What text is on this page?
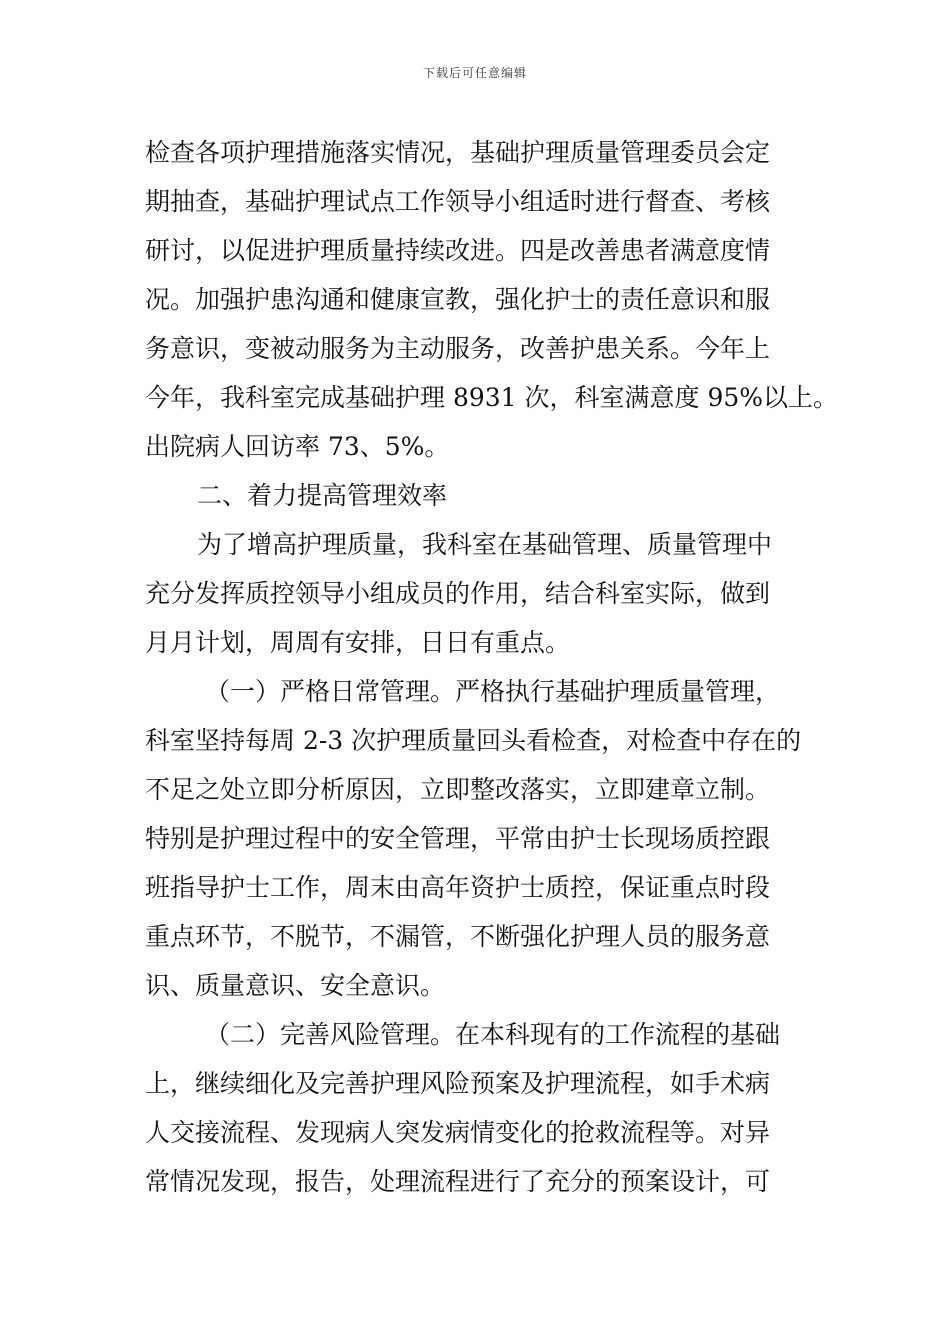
下载后可任意编辑
检查各项护理措施落实情况，基础护理质量管理委员会定
期抽查，基础护理试点工作领导小组适时进行督查、考核
研讨，以促进护理质量持续改进。四是改善患者满意度情
况。加强护患沟通和健康宣教，强化护士的责任意识和服
务意识，变被动服务为主动服务，改善护患关系。今年上
今年，我科室完成基础护理 8931 次，科室满意度 95%以上。
出院病人回访率 73、5%。
二、着力提高管理效率
为了增高护理质量，我科室在基础管理、质量管理中
充分发挥质控领导小组成员的作用，结合科室实际，做到
月月计划，周周有安排，日日有重点。
（一）严格日常管理。严格执行基础护理质量管理，
科室坚持每周 2-3 次护理质量回头看检查，对检查中存在的
不足之处立即分析原因，立即整改落实，立即建章立制。
特别是护理过程中的安全管理，平常由护士长现场质控跟
班指导护士工作，周末由高年资护士质控，保证重点时段
重点环节，不脱节，不漏管，不断强化护理人员的服务意
识、质量意识、安全意识。
（二）完善风险管理。在本科现有的工作流程的基础
上，继续细化及完善护理风险预案及护理流程，如手术病
人交接流程、发现病人突发病情变化的抢救流程等。对异
常情况发现，报告，处理流程进行了充分的预案设计，可
